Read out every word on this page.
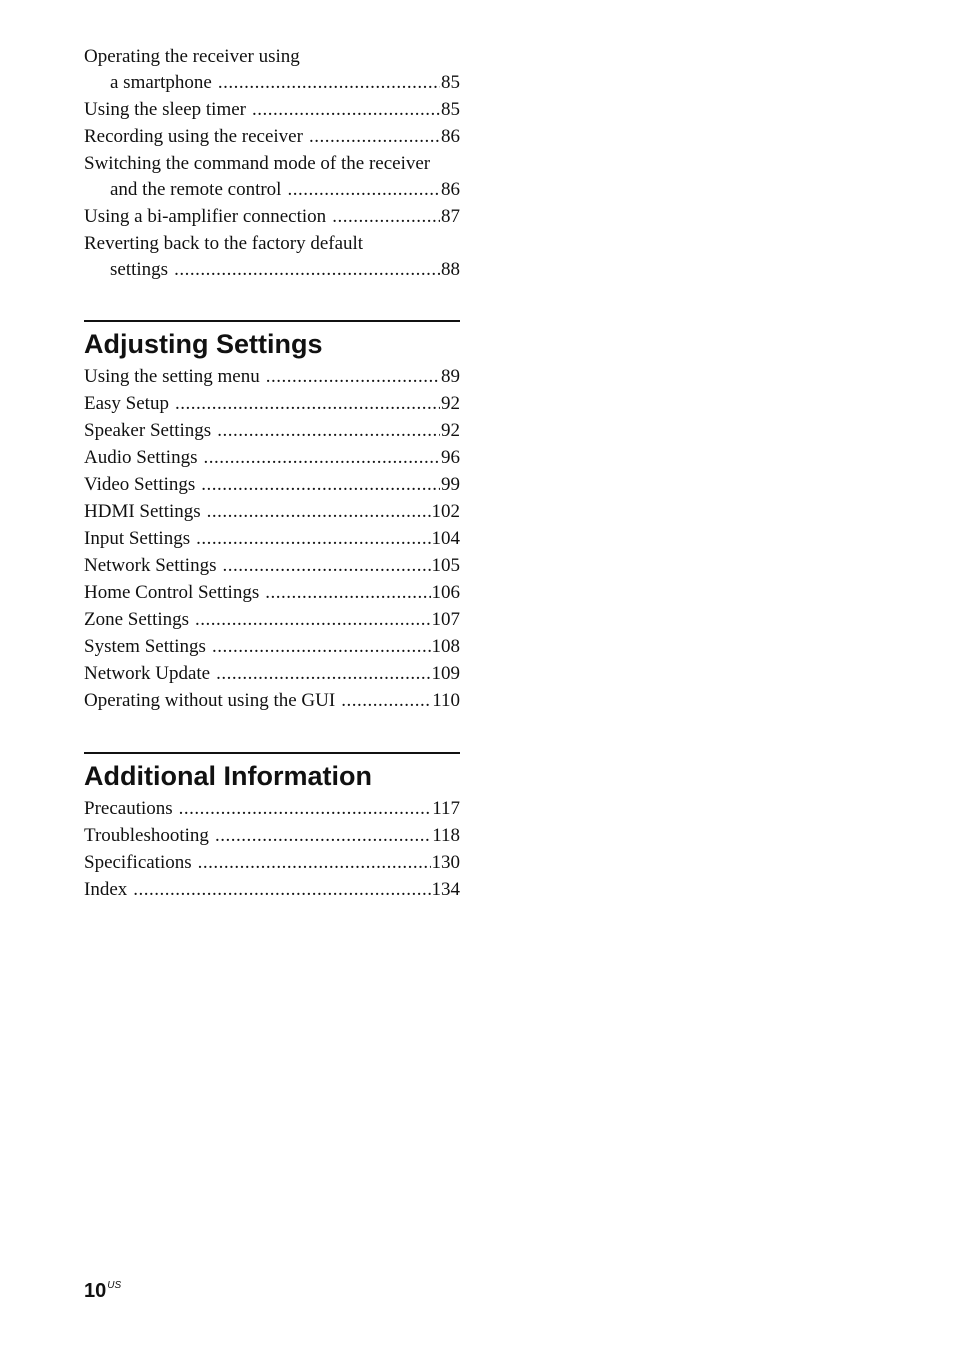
Operating the receiver using
a smartphone .....	85
Using the sleep timer .....	85
Recording using the receiver .....	86
Switching the command mode of the receiver
and the remote control .....	86
Using a bi-amplifier connection .....	87
Reverting back to the factory default
settings .....	88
Adjusting Settings
Using the setting menu .....	89
Easy Setup .....	92
Speaker Settings .....	92
Audio Settings .....	96
Video Settings .....	99
HDMI Settings .....	102
Input Settings .....	104
Network Settings .....	105
Home Control Settings .....	106
Zone Settings .....	107
System Settings .....	108
Network Update .....	109
Operating without using the GUI .....	110
Additional Information
Precautions .....	117
Troubleshooting .....	118
Specifications .....	130
Index .....	134
$10^{US}$
